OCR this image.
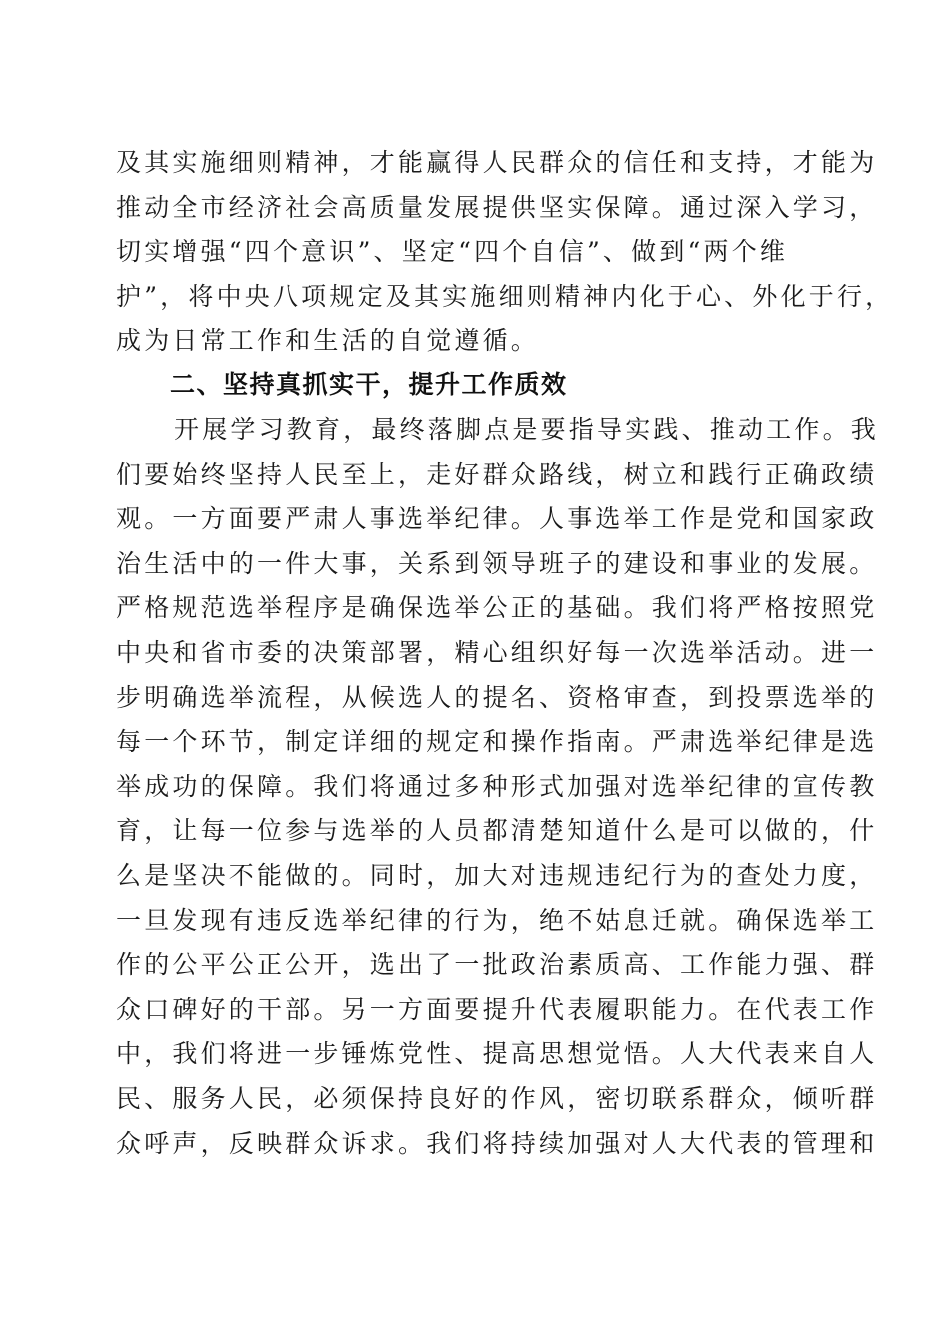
及其实施细则精神，才能赢得人民群众的信任和支持，才能为
推动全市经济社会高质量发展提供坚实保障。通过深入学习，
切实增强“四个意识”、坚定“四个自信”、做到“两个维
护”，将中央八项规定及其实施细则精神内化于心、外化于行，
成为日常工作和生活的自觉遵循。
二、坚持真抓实干，提升工作质效
开展学习教育，最终落脚点是要指导实践、推动工作。我
们要始终坚持人民至上，走好群众路线，树立和践行正确政绩
观。一方面要严肃人事选举纪律。人事选举工作是党和国家政
治生活中的一件大事，关系到领导班子的建设和事业的发展。
严格规范选举程序是确保选举公正的基础。我们将严格按照党
中央和省市委的决策部署，精心组织好每一次选举活动。进一
步明确选举流程，从候选人的提名、资格审查，到投票选举的
每一个环节，制定详细的规定和操作指南。严肃选举纪律是选
举成功的保障。我们将通过多种形式加强对选举纪律的宣传教
育，让每一位参与选举的人员都清楚知道什么是可以做的，什
么是坚决不能做的。同时，加大对违规违纪行为的查处力度，
一旦发现有违反选举纪律的行为，绝不姑息迁就。确保选举工
作的公平公正公开，选出了一批政治素质高、工作能力强、群
众口碑好的干部。另一方面要提升代表履职能力。在代表工作
中，我们将进一步锤炼党性、提高思想觉悟。人大代表来自人
民、服务人民，必须保持良好的作风，密切联系群众，倾听群
众呼声，反映群众诉求。我们将持续加强对人大代表的管理和
